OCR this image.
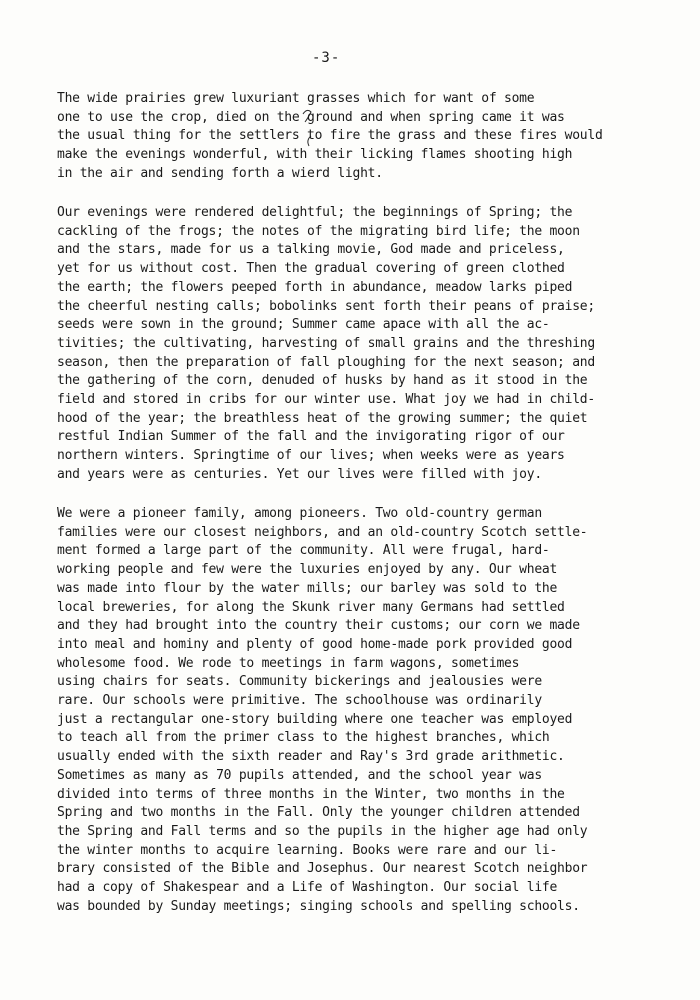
-3-
The wide prairies grew luxuriant grasses which for want of some
one to use the crop, died on the ground and when spring came it was
the usual thing for the settlers to fire the grass and these fires would
make the evenings wonderful, with their licking flames shooting high
in the air and sending forth a wierd light.
Our evenings were rendered delightful; the beginnings of Spring; the
cackling of the frogs; the notes of the migrating bird life; the moon
and the stars, made for us a talking movie, God made and priceless,
yet for us without cost. Then the gradual covering of green clothed
the earth; the flowers peeped forth in abundance, meadow larks piped
the cheerful nesting calls; bobolinks sent forth their peans of praise;
seeds were sown in the ground; Summer came apace with all the ac-
tivities; the cultivating, harvesting of small grains and the threshing
season, then the preparation of fall ploughing for the next season; and
the gathering of the corn, denuded of husks by hand as it stood in the
field and stored in cribs for our winter use. What joy we had in child-
hood of the year; the breathless heat of the growing summer; the quiet
restful Indian Summer of the fall and the invigorating rigor of our
northern winters. Springtime of our lives; when weeks were as years
and years were as centuries. Yet our lives were filled with joy.
We were a pioneer family, among pioneers. Two old-country german
families were our closest neighbors, and an old-country Scotch settle-
ment formed a large part of the community. All were frugal, hard-
working people and few were the luxuries enjoyed by any. Our wheat
was made into flour by the water mills; our barley was sold to the
local breweries, for along the Skunk river many Germans had settled
and they had brought into the country their customs; our corn we made
into meal and hominy and plenty of good home-made pork provided good
wholesome food. We rode to meetings in farm wagons, sometimes
using chairs for seats. Community bickerings and jealousies were
rare. Our schools were primitive. The schoolhouse was ordinarily
just a rectangular one-story building where one teacher was employed
to teach all from the primer class to the highest branches, which
usually ended with the sixth reader and Ray's 3rd grade arithmetic.
Sometimes as many as 70 pupils attended, and the school year was
divided into terms of three months in the Winter, two months in the
Spring and two months in the Fall. Only the younger children attended
the Spring and Fall terms and so the pupils in the higher age had only
the winter months to acquire learning. Books were rare and our li-
brary consisted of the Bible and Josephus. Our nearest Scotch neighbor
had a copy of Shakespear and a Life of Washington. Our social life
was bounded by Sunday meetings; singing schools and spelling schools.
